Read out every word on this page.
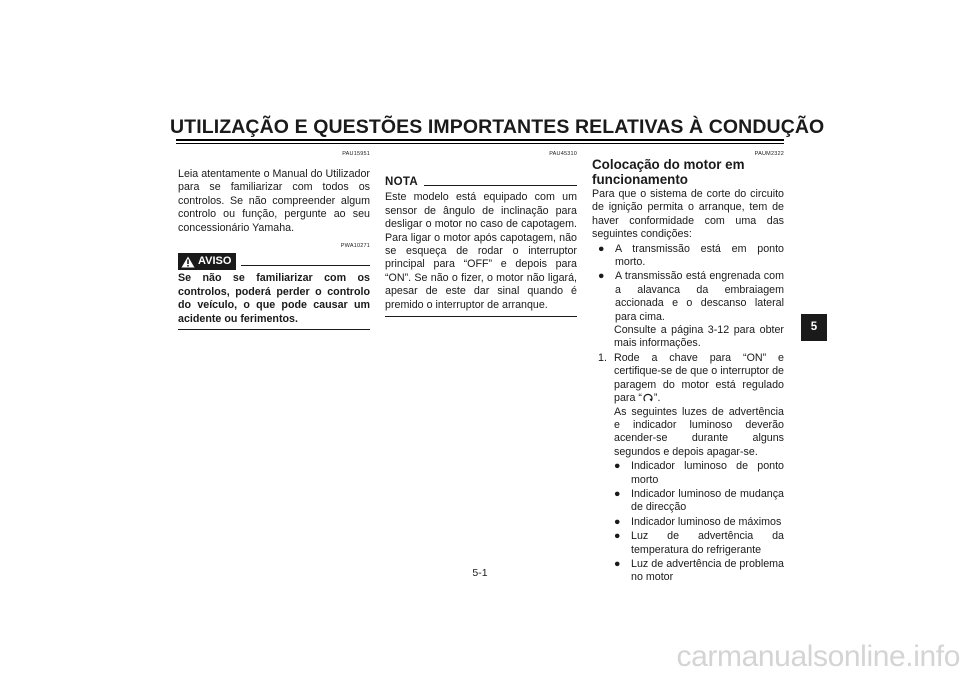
UTILIZAÇÃO E QUESTÕES IMPORTANTES RELATIVAS À CONDUÇÃO
PAU15951

Leia atentamente o Manual do Utilizador para se familiarizar com todos os controlos. Se não compreender algum controlo ou função, pergunte ao seu concessionário Yamaha.

PWA10271
AVISO

Se não se familiarizar com os controlos, poderá perder o controlo do veículo, o que pode causar um acidente ou ferimentos.

PAU45310
NOTA

Este modelo está equipado com um sensor de ângulo de inclinação para desligar o motor no caso de capotagem. Para ligar o motor após capotagem, não se esqueça de rodar o interruptor principal para “OFF” e depois para “ON”. Se não o fizer, o motor não ligará, apesar de este dar sinal quando é premido o interruptor de arranque.

PAUM2322
Colocação do motor em funcionamento

Para que o sistema de corte do circuito de ignição permita o arranque, tem de haver conformidade com uma das seguintes condições:

● A transmissão está em ponto morto.
● A transmissão está engrenada com a alavanca da embraiagem accionada e o descanso lateral para cima.
Consulte a página 3-12 para obter mais informações.
1. Rode a chave para “ON” e certifique-se de que o interruptor de paragem do motor está regulado para “ ”.
As seguintes luzes de advertência e indicador luminoso deverão acender-se durante alguns segundos e depois apagar-se.
● Indicador luminoso de ponto morto
● Indicador luminoso de mudança de direcção
● Indicador luminoso de máximos
● Luz de advertência da temperatura do refrigerante
● Luz de advertência de problema no motor
5
5-1
carmanualsonline.info
